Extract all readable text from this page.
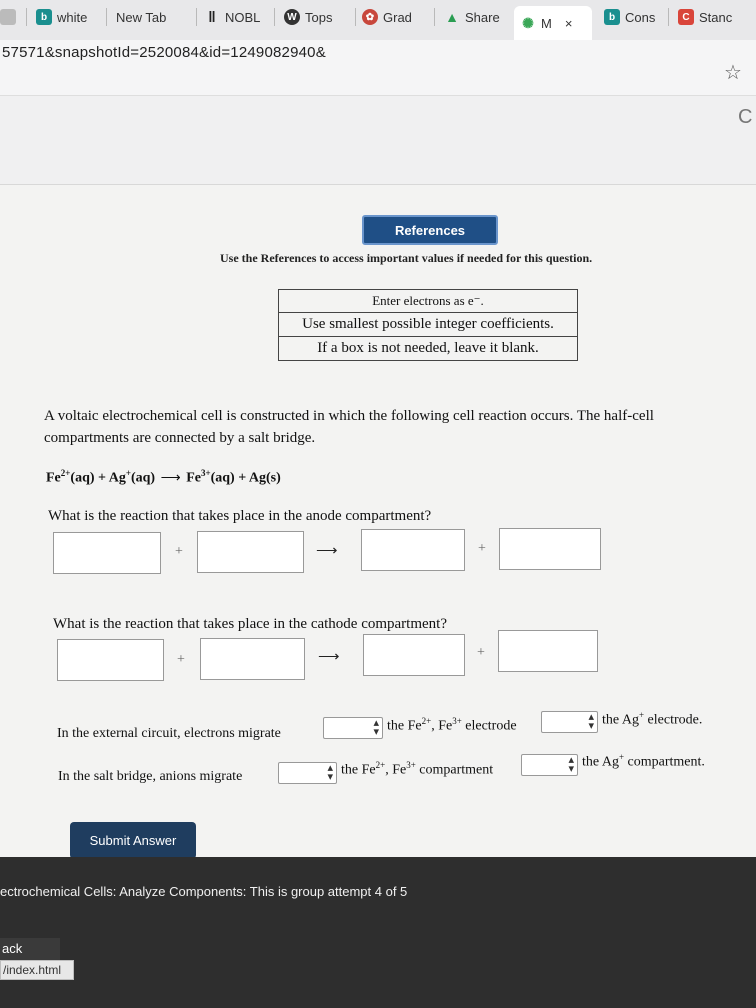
b white New Tab	‖ NOBL	W Tops	✿ Grad ▲ Share ✺ M ×	b Cons	C Stanc
57571&snapshotId=2520084&id=1249082940&
☆
C
References
Use the References to access important values if needed for this question.
Enter electrons as e⁻.
Use smallest possible integer coefficients.
If a box is not needed, leave it blank.
A voltaic electrochemical cell is constructed in which the following cell reaction occurs. The half-cell compartments are connected by a salt bridge.
$Fe^{2+}(aq) + Ag^+(aq)$ ⟶ $Fe^{3+}(aq) + Ag(s)$
What is the reaction that takes place in the anode compartment?
+	⟶	+
What is the reaction that takes place in the cathode compartment?
+	⟶	+
In the external circuit, electrons migrate
▴
▾ the $Fe^{2+}$, $Fe^{3+}$ electrode
▴
▾ the Ag+ electrode.
In the salt bridge, anions migrate
▴
▾ the $Fe^{2+}$, $Fe^{3+}$ compartment
▴
▾ the Ag+ compartment.
Submit Answer
ectrochemical Cells: Analyze Components: This is group attempt 4 of 5
ack
/index.html
